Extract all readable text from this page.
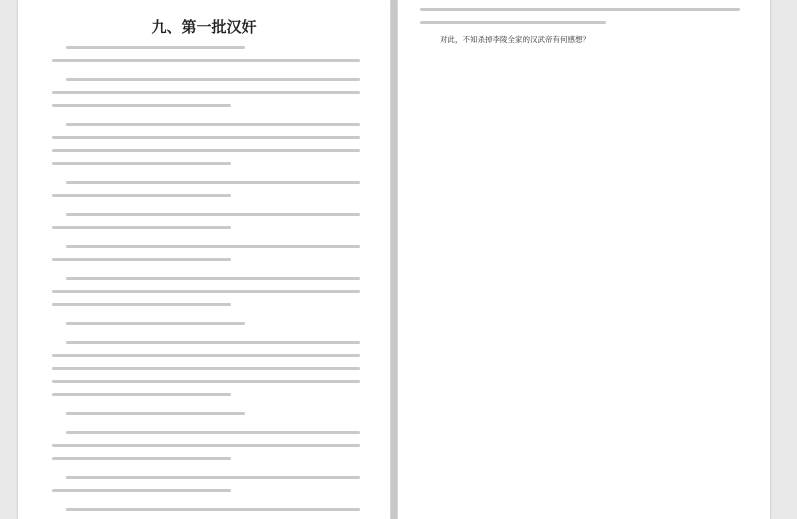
九、第一批汉奸
对此，不知杀掉李陵全家的汉武帝有何感想？
